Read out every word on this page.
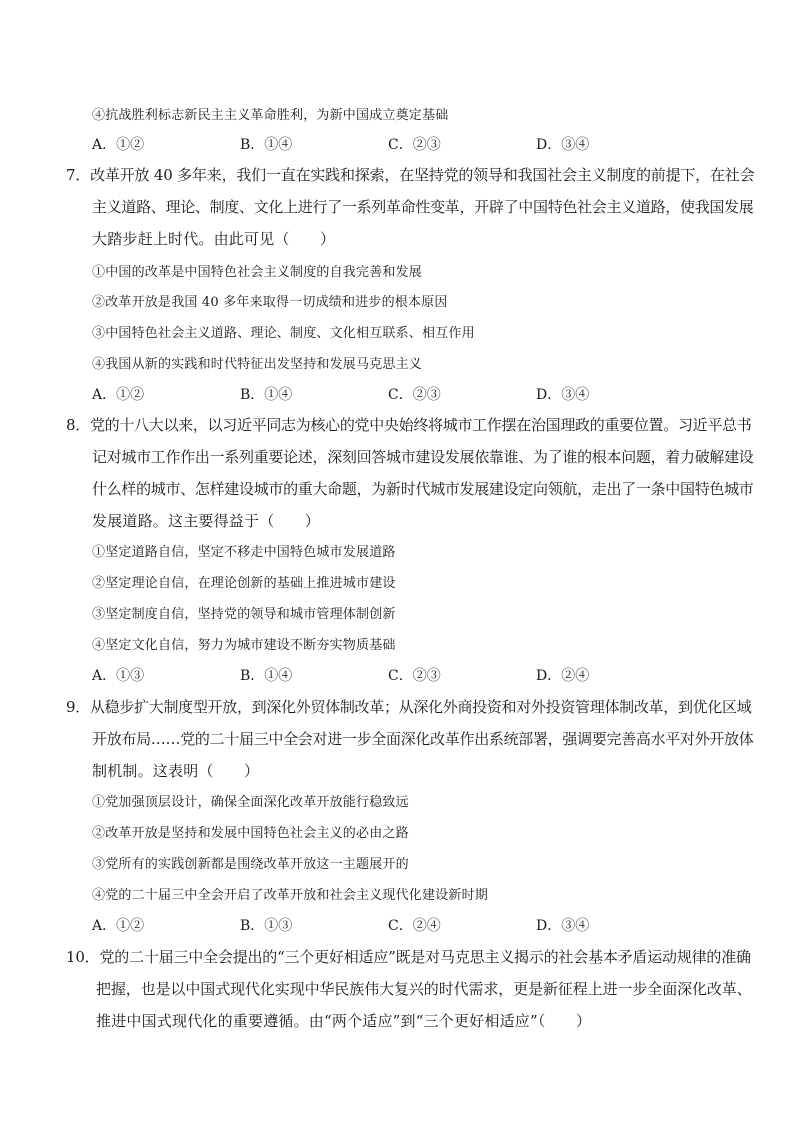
④抗战胜利标志新民主主义革命胜利，为新中国成立奠定基础
A．①②	B．①④	C．②③	D．③④
7．改革开放 40 多年来，我们一直在实践和探索，在坚持党的领导和我国社会主义制度的前提下，在社会
主义道路、理论、制度、文化上进行了一系列革命性变革，开辟了中国特色社会主义道路，使我国发展
大踏步赶上时代。由此可见（　　）
①中国的改革是中国特色社会主义制度的自我完善和发展
②改革开放是我国 40 多年来取得一切成绩和进步的根本原因
③中国特色社会主义道路、理论、制度、文化相互联系、相互作用
④我国从新的实践和时代特征出发坚持和发展马克思主义
A．①②	B．①④	C．②③	D．③④
8．党的十八大以来，以习近平同志为核心的党中央始终将城市工作摆在治国理政的重要位置。习近平总书
记对城市工作作出一系列重要论述，深刻回答城市建设发展依靠谁、为了谁的根本问题，着力破解建设
什么样的城市、怎样建设城市的重大命题，为新时代城市发展建设定向领航，走出了一条中国特色城市
发展道路。这主要得益于（　　）
①坚定道路自信，坚定不移走中国特色城市发展道路
②坚定理论自信，在理论创新的基础上推进城市建设
③坚定制度自信，坚持党的领导和城市管理体制创新
④坚定文化自信，努力为城市建设不断夯实物质基础
A．①③	B．①④	C．②③	D．②④
9．从稳步扩大制度型开放，到深化外贸体制改革；从深化外商投资和对外投资管理体制改革，到优化区域
开放布局……党的二十届三中全会对进一步全面深化改革作出系统部署，强调要完善高水平对外开放体
制机制。这表明（　　）
①党加强顶层设计，确保全面深化改革开放能行稳致远
②改革开放是坚持和发展中国特色社会主义的必由之路
③党所有的实践创新都是围绕改革开放这一主题展开的
④党的二十届三中全会开启了改革开放和社会主义现代化建设新时期
A．①②	B．①③	C．②④	D．③④
10．党的二十届三中全会提出的“三个更好相适应”既是对马克思主义揭示的社会基本矛盾运动规律的准确
把握，也是以中国式现代化实现中华民族伟大复兴的时代需求，更是新征程上进一步全面深化改革、
推进中国式现代化的重要遵循。由“两个适应”到“三个更好相适应”（　　）
